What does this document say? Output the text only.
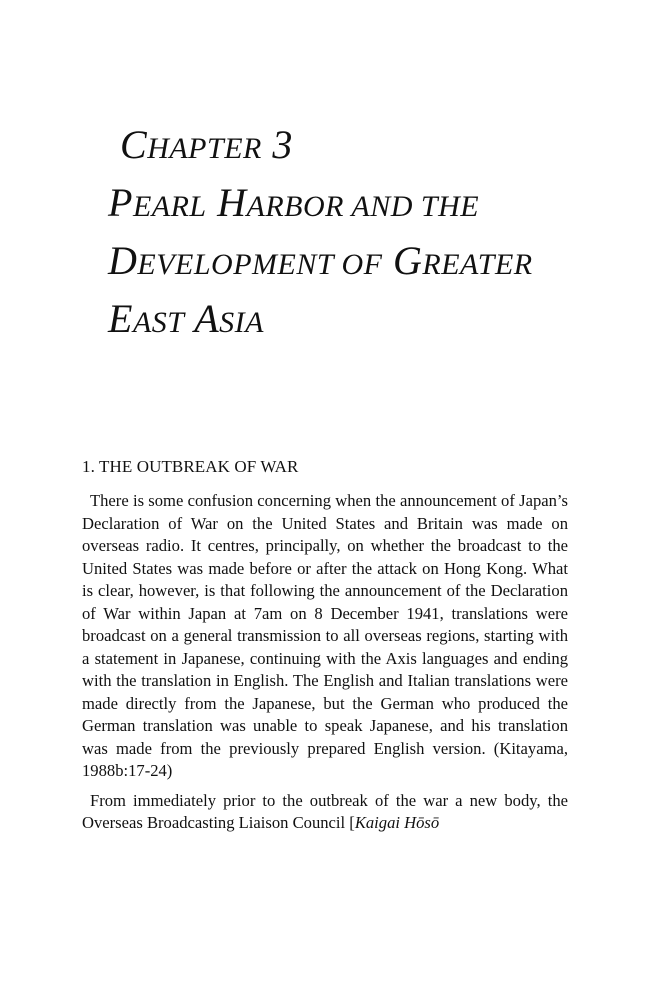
CHAPTER 3
PEARL HARBOR AND THE
DEVELOPMENT OF GREATER
EAST ASIA
1. THE OUTBREAK OF WAR

There is some confusion concerning when the announcement of Japan’s Declaration of War on the United States and Britain was made on overseas radio. It centres, principally, on whether the broadcast to the United States was made before or after the attack on Hong Kong. What is clear, however, is that following the announcement of the Declaration of War within Japan at 7am on 8 December 1941, translations were broadcast on a general transmission to all overseas regions, starting with a statement in Japanese, continuing with the Axis languages and ending with the translation in English. The English and Italian translations were made directly from the Japanese, but the German who produced the German translation was unable to speak Japanese, and his translation was made from the previously prepared English version. (Kitayama, 1988b:17-24)

From immediately prior to the outbreak of the war a new body, the Overseas Broadcasting Liaison Council [Kaigai Hōsō
